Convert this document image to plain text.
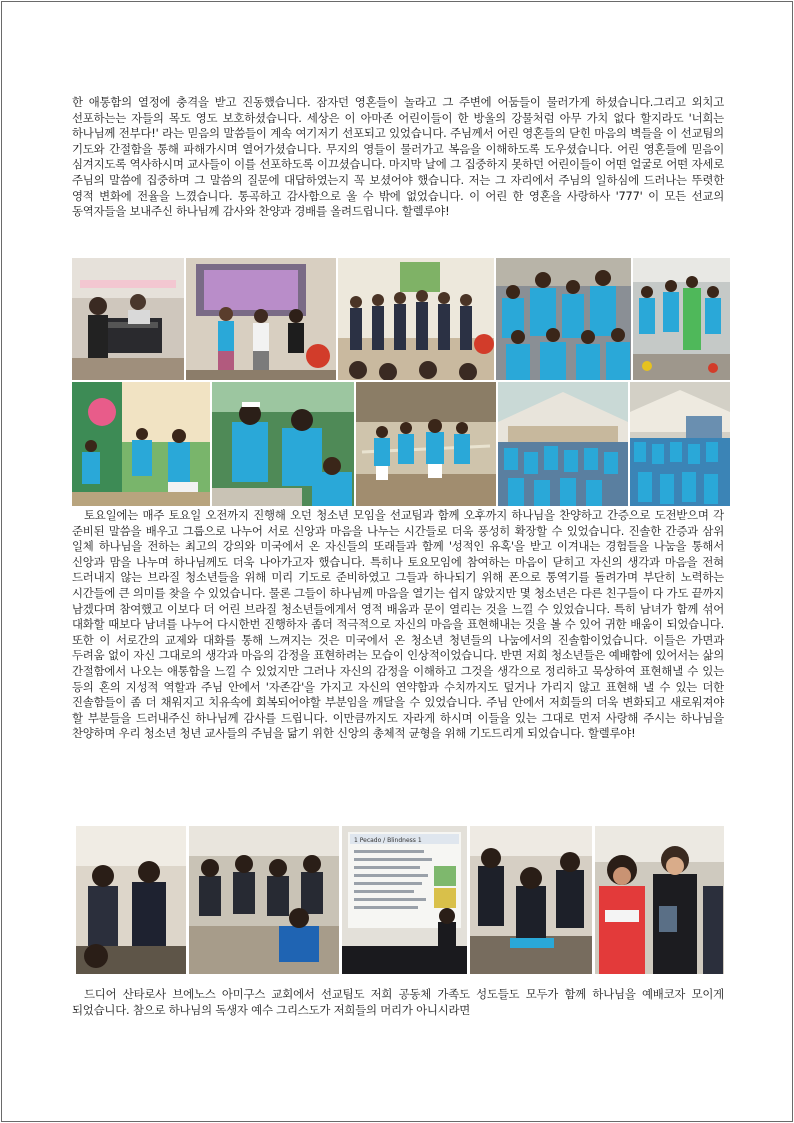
한 애통함의 열정에 충격을 받고 진동했습니다. 잠자던 영혼들이 놀라고 그 주변에 어둠들이 물러가게 하셨습니다.그리고 외치고 선포하는는 자들의 목도 영도 보호하셨습니다. 세상은 이 아마존 어린이들이 한 방울의 강물처럼 아무 가치 없다 할지라도 '너희는 하나님께 전부다!' 라는 믿음의 말씀들이 계속 여기저기 선포되고 있었습니다. 주님께서 어린 영혼들의 닫힌 마음의 벽들을 이 선교팀의 기도와 간절함을 통해 파해가시며 열어가셨습니다. 무지의 영들이 물러가고 복음을 이해하도록 도우셨습니다. 어린 영혼들에 믿음이 심겨지도록 역사하시며 교사들이 이를 선포하도록 이끄셨습니다. 마지막 날에 그 집중하지 못하던 어린이들이 어떤 얼굴로 어떤 자세로 주님의 말씀에 집중하며 그 말씀의 질문에 대답하였는지 꼭 보셨어야 했습니다. 저는 그 자리에서 주님의 일하심에 드러나는 뚜렷한 영적 변화에 전율을 느꼈습니다. 통곡하고 감사함으로 울 수 밖에 없었습니다. 이 어린 한 영혼을 사랑하사 '777' 이 모든 선교의 동역자들을 보내주신 하나님께 감사와 찬양과 경배를 올려드립니다. 할렐루야!

토요일에는 매주 토요일 오전까지 진행해 오던 청소년 모임을 선교팀과 함께 오후까지 하나님을 찬양하고 간증으로 도전받으며 각 준비된 말씀을 배우고 그룹으로 나누어 서로 신앙과 마음을 나누는 시간들로 더욱 풍성히 확장할 수 있었습니다. 진솔한 간증과 삼위 일체 하나님을 전하는 최고의 강의와 미국에서 온 자신들의 또래들과 함께 '성적인 유혹'을 받고 이겨내는 경험들을 나눔을 통해서 신앙과 맘을 나누며 하나님께도 더욱 나아가고자 했습니다. 특히나 토요모임에 참여하는 마음이 닫히고 자신의 생각과 마음을 전혀 드러내지 않는 브라질 청소년들을 위해 미리 기도로 준비하였고 그들과 하나되기 위해 폰으로 통역기를 돌려가며 부단히 노력하는 시간들에 큰 의미를 찾을 수 있었습니다. 물론 그들이 하나님께 마음을 열기는 쉽지 않았지만 몇 청소년은 다른 친구들이 다 가도 끝까지 남겠다며 참여했고 이보다 더 어린 브라질 청소년들에게서 영적 배움과 문이 열리는 것을 느낄 수 있었습니다. 특히 남녀가 함께 섞어 대화할 때보다 남녀를 나누어 다시한번 진행하자 좀더 적극적으로 자신의 마음을 표현해내는 것을 볼 수 있어 귀한 배움이 되었습니다. 또한 이 서로간의 교제와 대화를 통해 느껴지는 것은 미국에서 온 청소년 청년들의 나눔에서의 진솔함이었습니다. 이들은 가면과 두려움 없이 자신 그대로의 생각과 마음의 감정을 표현하려는 모습이 인상적이었습니다. 반면 저희 청소년들은 예배함에 있어서는 삶의 간절함에서 나오는 애통함을 느낄 수 있었지만 그러나 자신의 감정을 이해하고 그것을 생각으로 정리하고 묵상하여 표현해낼 수 있는 등의 혼의 지성적 역할과 주님 안에서 '자존감'을 가지고 자신의 연약함과 수치까지도 덮거나 가리지 않고 표현해 낼 수 있는 더한 진솔함들이 좀 더 채워지고 치유속에 회복되어야할 부분임을 깨달을 수 있었습니다. 주님 안에서 저희들의 더욱 변화되고 새로워져야 할 부분들을 드러내주신 하나님께 감사를 드립니다. 이만큼까지도 자라게 하시며 이들을 있는 그대로 먼저 사랑해 주시는 하나님을 찬양하며 우리 청소년 청년 교사들의 주님을 닮기 위한 신앙의 총체적 균형을 위해 기도드리게 되었습니다. 할렐루야!

1 Pecado / Blindness 1

드디어 산타로사 브에노스 아미구스 교회에서 선교팀도 저희 공동체 가족도 성도들도 모두가 함께 하나님을 예배코자 모이게 되었습니다. 참으로 하나님의 독생자 예수 그리스도가 저희들의 머리가 아니시라면
